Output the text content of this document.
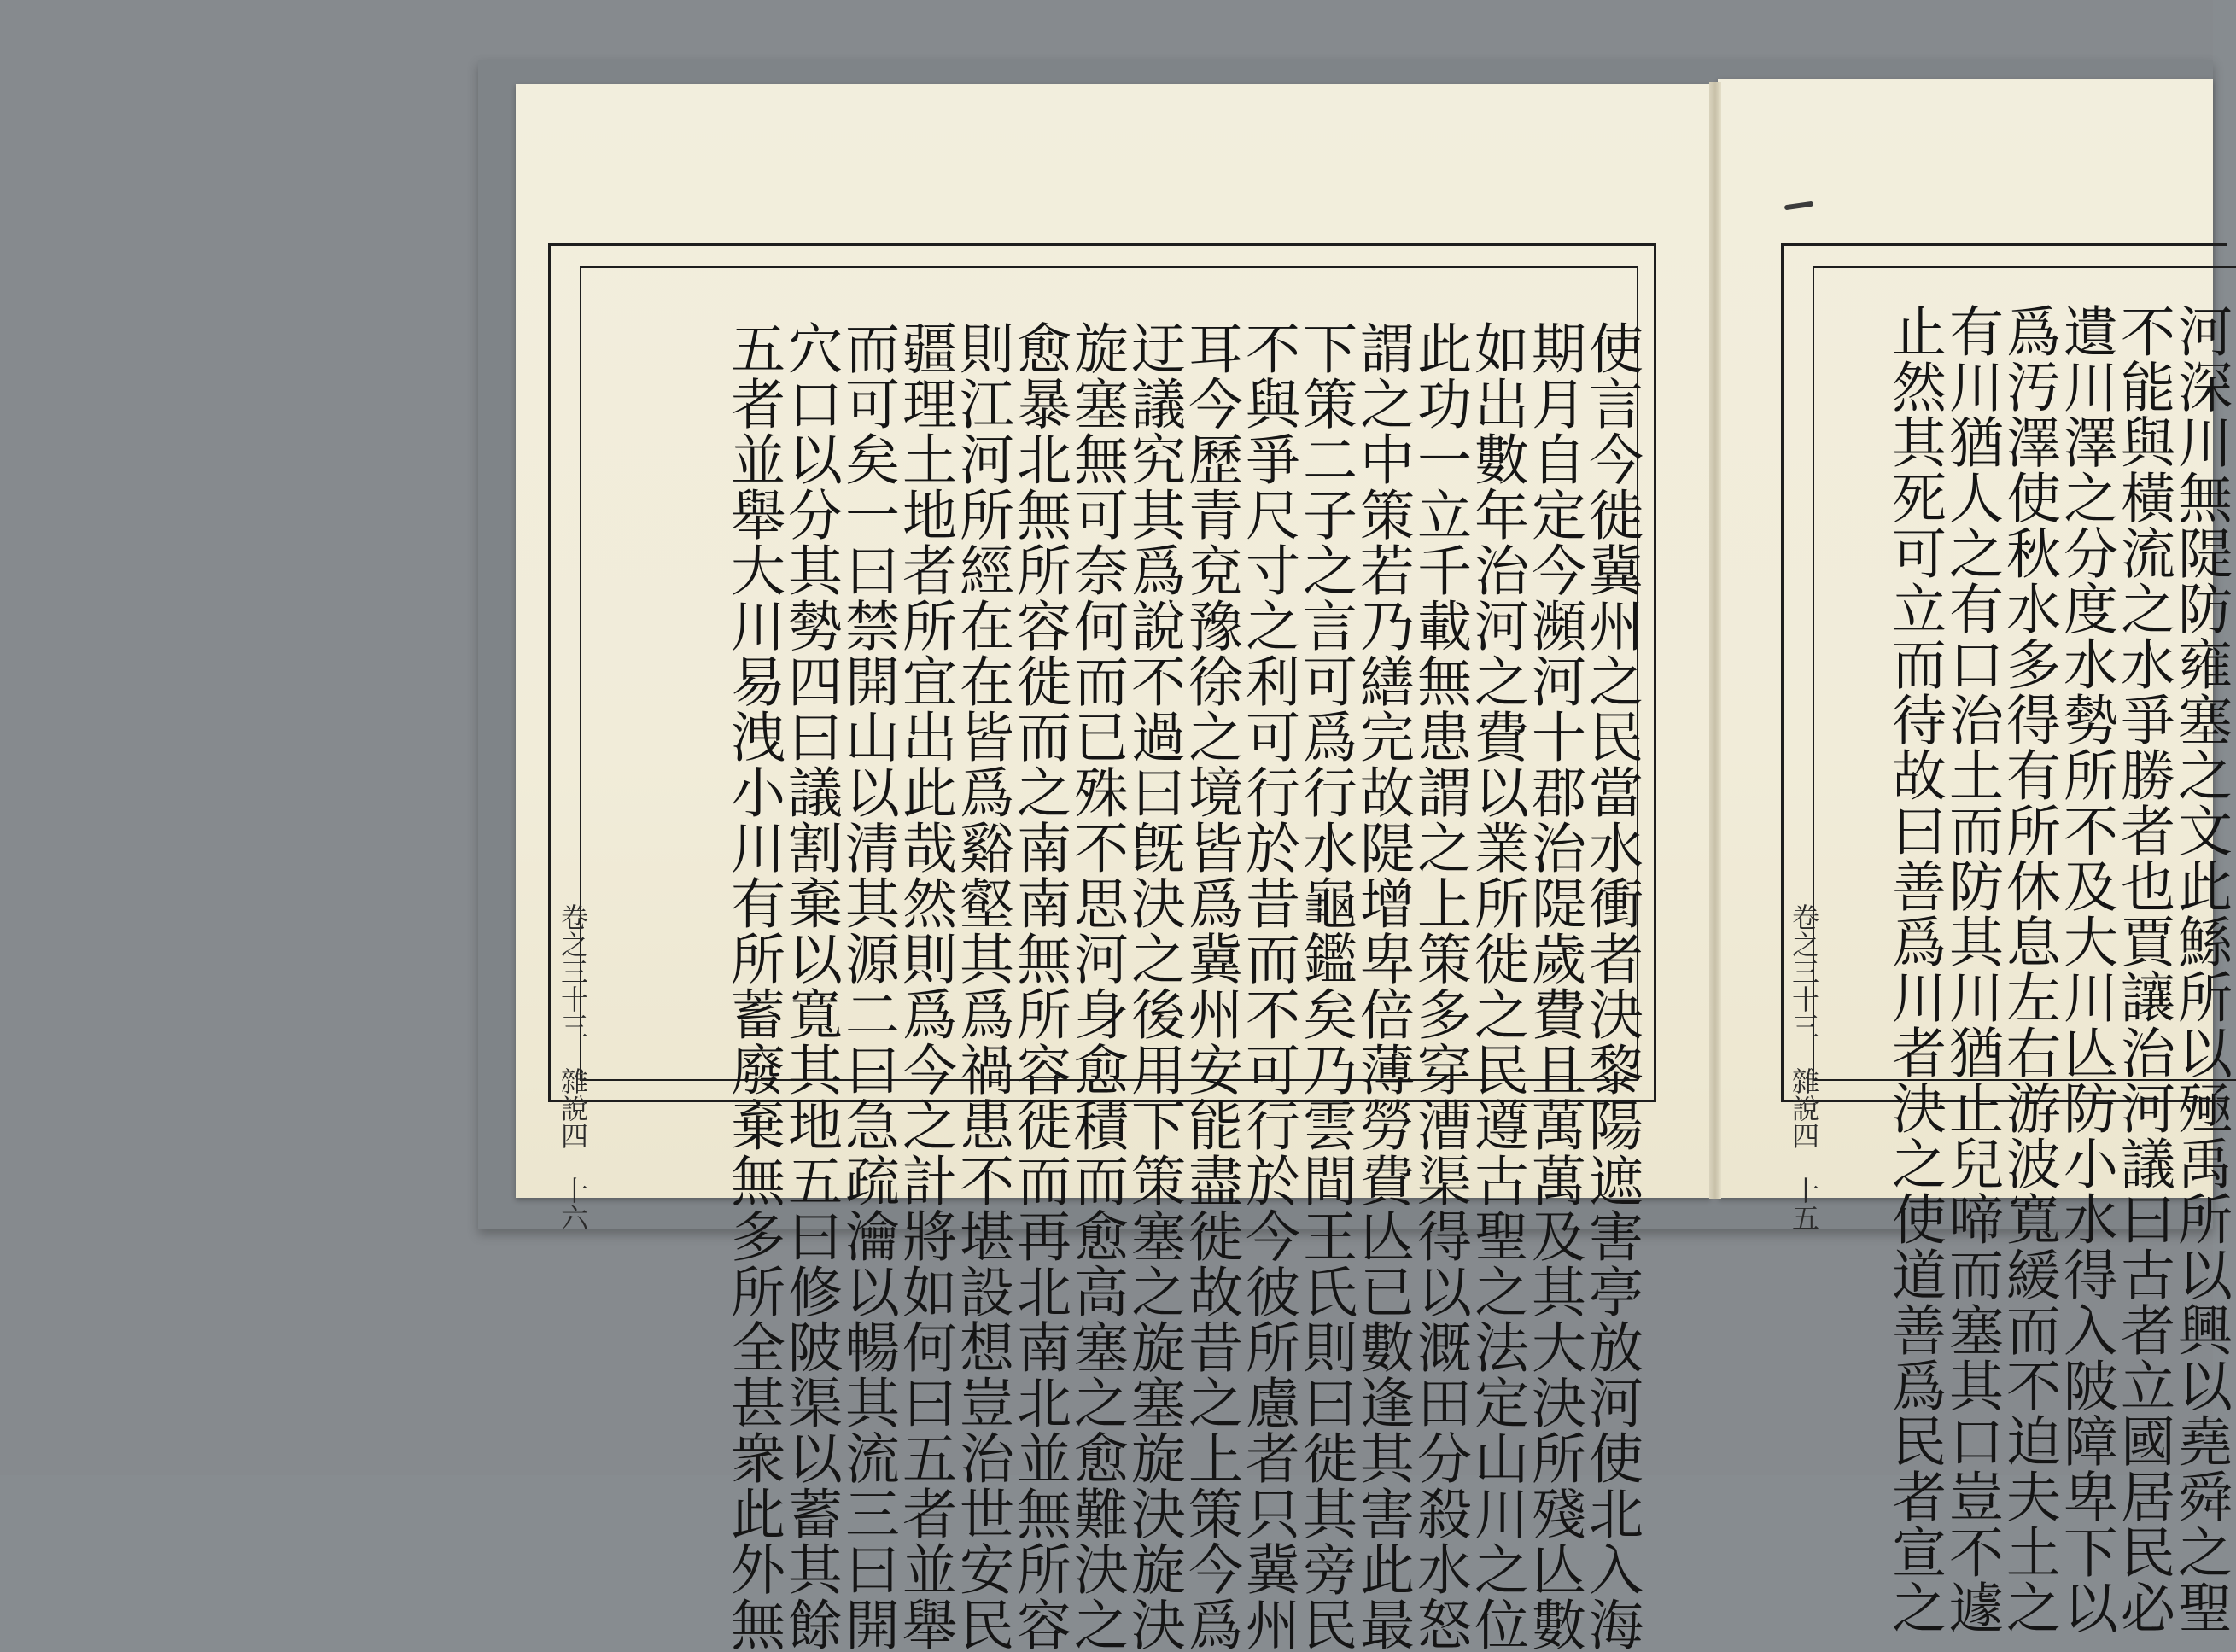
使言今徙冀州之民當水衝者決黎陽遮害亭放河使北入海
期月自定今瀕河十郡治隄歲費且萬萬及其大決所殘亾數
如出數年治河之費以業所徙之民遵古聖之法定山川之位
此功一立千載無患謂之上策多穿漕渠得以溉田分殺水怒
謂之中策若乃繕完故隄增卑倍薄勞費亾已數逢其害此最
下策二子之言可爲行水龜鑑矣乃雲間王氏則曰徙其旁民
不與爭尺寸之利可行於昔而不可行於今彼所慮者只冀州
耳今歷青兗豫徐之境皆爲冀州安能盡徙故昔之上策今爲
迂議究其爲說不過曰旣決之後用下策塞之旋塞旋決旋決
旋塞無可奈何而已殊不思河身愈積而愈高塞之愈難決之
愈暴北無所容徙而之南南無所容徙而再北南北並無所容
則江河所經在在皆爲谿壑其爲禍患不堪設想豈治世安民
疆理土地者所宜出此哉然則爲今之計將如何曰五者並舉
而可矣一曰禁開山以清其源二曰急疏瀹以暢其流三曰開
穴口以分其勢四曰議割棄以寬其地五曰修陂渠以蓄其餘
五者並舉大川易洩小川有所蓄廢棄無多所全甚衆此外無
卷之三十三　雜說四　十六	河深川無隄防雍塞之文此鯀所以殛禹所以興以堯舜之聖
不能與橫流之水爭勝者也賈讓治河議曰古者立國居民必
遺川澤之分度水勢所不及大川亾防小水得入陂障卑下以
爲汚澤使秋水多得有所休息左右游波寬緩而不迫夫土之
有川猶人之有口治土而防其川猶止兒啼而塞其口豈不遽
止然其死可立而待故曰善爲川者決之使道善爲民者宣之
卷之三十三　雜說四　十五
